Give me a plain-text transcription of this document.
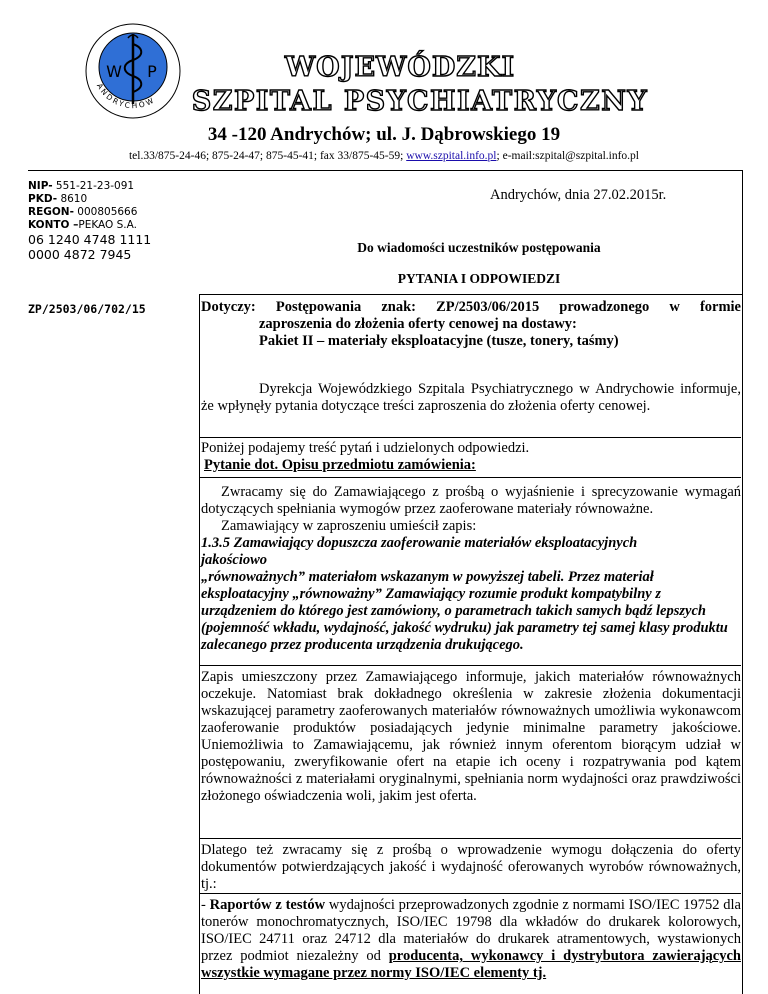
W P
ANDRYCHÓW
WOJEWÓDZKI
SZPITAL PSYCHIATRYCZNY
34 -120 Andrychów; ul. J. Dąbrowskiego 19
tel.33/875-24-46; 875-24-47; 875-45-41; fax 33/875-45-59; www.szpital.info.pl; e-mail:szpital@szpital.info.pl
NIP- 551-21-23-091
PKD- 8610
REGON- 000805666
KONTO –PEKAO S.A.
06 1240 4748 1111
0000 4872 7945
ZP/2503/06/702/15
Andrychów, dnia 27.02.2015r.
Do wiadomości uczestników postępowania
PYTANIA I ODPOWIEDZI
Dotyczy: Postępowania znak: ZP/2503/06/2015 prowadzonego w formie
zaproszenia do złożenia oferty cenowej na dostawy:
Pakiet II – materiały eksploatacyjne (tusze, tonery, taśmy)
Dyrekcja Wojewódzkiego Szpitala Psychiatrycznego w Andrychowie informuje, że wpłynęły pytania dotyczące treści zaproszenia do złożenia oferty cenowej.
Poniżej podajemy treść pytań i udzielonych odpowiedzi.
Pytanie dot. Opisu przedmiotu zamówienia:
Zwracamy się do Zamawiającego z prośbą o wyjaśnienie i sprecyzowanie wymagań dotyczących spełniania wymogów przez zaoferowane materiały równoważne.
Zamawiający w zaproszeniu umieścił zapis:
1.3.5 Zamawiający dopuszcza zaoferowanie materiałów eksploatacyjnych
jakościowo
„równoważnych” materiałom wskazanym w powyższej tabeli. Przez materiał eksploatacyjny „równoważny” Zamawiający rozumie produkt kompatybilny z urządzeniem do którego jest zamówiony, o parametrach takich samych bądź lepszych (pojemność wkładu, wydajność, jakość wydruku) jak parametry tej samej klasy produktu zalecanego przez producenta urządzenia drukującego.
Zapis umieszczony przez Zamawiającego informuje, jakich materiałów równoważnych oczekuje. Natomiast brak dokładnego określenia w zakresie złożenia dokumentacji wskazującej parametry zaoferowanych materiałów równoważnych umożliwia wykonawcom zaoferowanie produktów posiadających jedynie minimalne parametry jakościowe. Uniemożliwia to Zamawiającemu, jak również innym oferentom biorącym udział w postępowaniu, zweryfikowanie ofert na etapie ich oceny i rozpatrywania pod kątem równoważności z materiałami oryginalnymi, spełniania norm wydajności oraz prawdziwości złożonego oświadczenia woli, jakim jest oferta.
Dlatego też zwracamy się z prośbą o wprowadzenie wymogu dołączenia do oferty dokumentów potwierdzających jakość i wydajność oferowanych wyrobów równoważnych, tj.:
- Raportów z testów wydajności przeprowadzonych zgodnie z normami ISO/IEC 19752 dla tonerów monochromatycznych, ISO/IEC 19798 dla wkładów do drukarek kolorowych, ISO/IEC 24711 oraz 24712 dla materiałów do drukarek atramentowych, wystawionych przez podmiot niezależny od producenta, wykonawcy i dystrybutora zawierających wszystkie wymagane przez normy ISO/IEC elementy tj.
